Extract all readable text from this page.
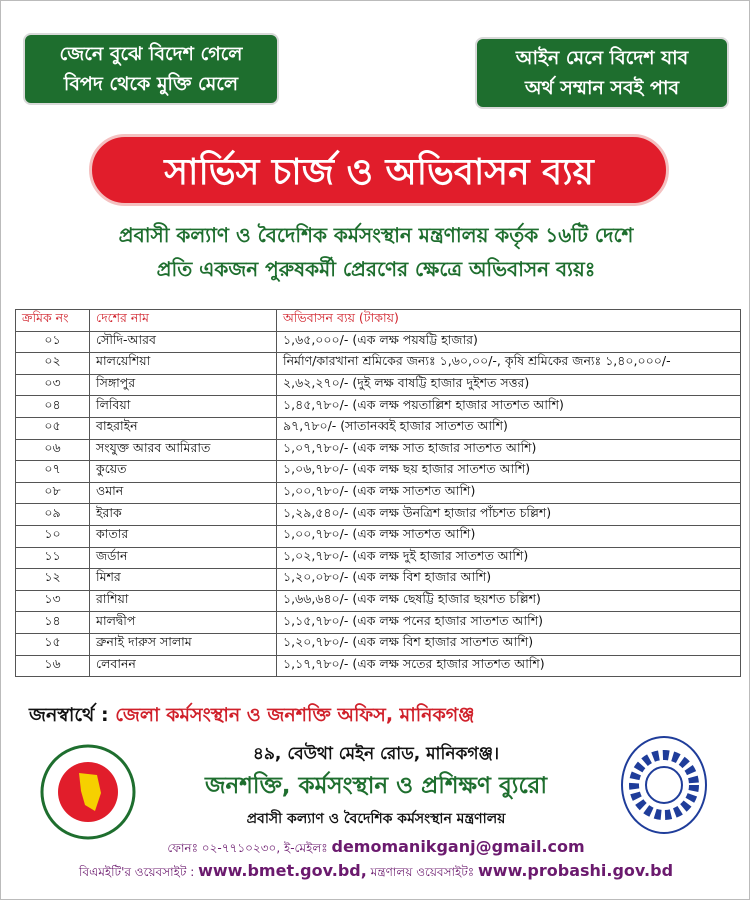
জেনে বুঝে বিদেশ গেলে
বিপদ থেকে মুক্তি মেলে
আইন মেনে বিদেশ যাব
অর্থ সম্মান সবই পাব
সার্ভিস চার্জ ও অভিবাসন ব্যয়
প্রবাসী কল্যাণ ও বৈদেশিক কর্মসংস্থান মন্ত্রণালয় কর্তৃক ১৬টি দেশে
প্রতি একজন পুরুষকর্মী প্রেরণের ক্ষেত্রে অভিবাসন ব্যয়ঃ
ক্রমিক নং	দেশের নাম	অভিবাসন ব্যয় (টাকায়)
০১	সৌদি-আরব	১,৬৫,০০০/- (এক লক্ষ পয়ষট্টি হাজার)
০২	মালয়েশিয়া	নির্মাণ/কারখানা শ্রমিকের জন্যঃ ১,৬০,০০/-, কৃষি শ্রমিকের জন্যঃ ১,৪০,০০০/-
০৩	সিঙ্গাপুর	২,৬২,২৭০/- (দুই লক্ষ বাষট্টি হাজার দুইশত সত্তর)
০৪	লিবিয়া	১,৪৫,৭৮০/- (এক লক্ষ পয়তাল্লিশ হাজার সাতশত আশি)
০৫	বাহরাইন	৯৭,৭৮০/- (সাতানব্বই হাজার সাতশত আশি)
০৬	সংযুক্ত আরব আমিরাত	১,০৭,৭৮০/- (এক লক্ষ সাত হাজার সাতশত আশি)
০৭	কুয়েত	১,০৬,৭৮০/- (এক লক্ষ ছয় হাজার সাতশত আশি)
০৮	ওমান	১,০০,৭৮০/- (এক লক্ষ সাতশত আশি)
০৯	ইরাক	১,২৯,৫৪০/- (এক লক্ষ উনত্রিশ হাজার পাঁচশত চল্লিশ)
১০	কাতার	১,০০,৭৮০/- (এক লক্ষ সাতশত আশি)
১১	জর্ডান	১,০২,৭৮০/- (এক লক্ষ দুই হাজার সাতশত আশি)
১২	মিশর	১,২০,০৮০/- (এক লক্ষ বিশ হাজার আশি)
১৩	রাশিয়া	১,৬৬,৬৪০/- (এক লক্ষ ছেষট্টি হাজার ছয়শত চল্লিশ)
১৪	মালদ্বীপ	১,১৫,৭৮০/- (এক লক্ষ পনের হাজার সাতশত আশি)
১৫	ব্রুনাই দারুস সালাম	১,২০,৭৮০/- (এক লক্ষ বিশ হাজার সাতশত আশি)
১৬	লেবানন	১,১৭,৭৮০/- (এক লক্ষ সতের হাজার সাতশত আশি)
জনস্বার্থে : জেলা কর্মসংস্থান ও জনশক্তি অফিস, মানিকগঞ্জ
৪৯, বেউথা মেইন রোড, মানিকগঞ্জ।
জনশক্তি, কর্মসংস্থান ও প্রশিক্ষণ ব্যুরো
প্রবাসী কল্যাণ ও বৈদেশিক কর্মসংস্থান মন্ত্রণালয়
ফোনঃ ০২-৭৭১০২৩০, ই-মেইলঃ demomanikganj@gmail.com
বিএমইটি'র ওয়েবসাইট : www.bmet.gov.bd, মন্ত্রণালয় ওয়েবসাইটঃ www.probashi.gov.bd
